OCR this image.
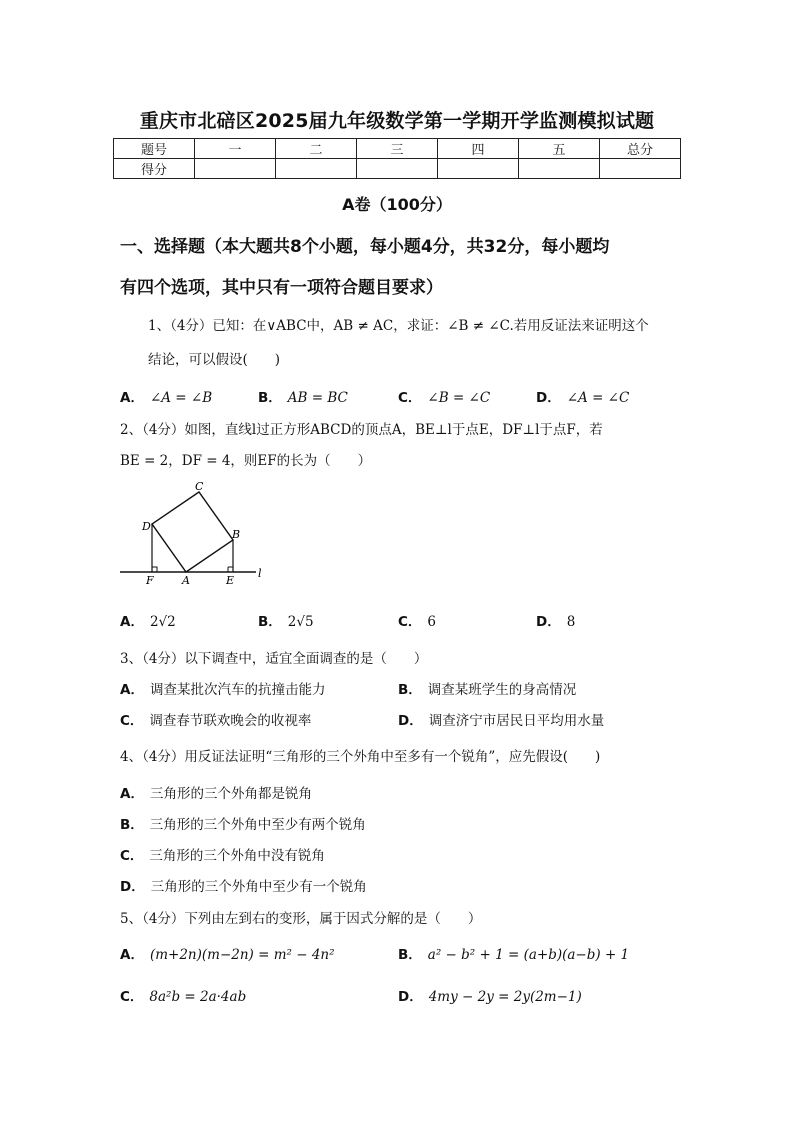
重庆市北碚区2025届九年级数学第一学期开学监测模拟试题
题号	一	二	三	四	五	总分
得分						
A卷（100分）
一、选择题（本大题共8个小题，每小题4分，共32分，每小题均
有四个选项，其中只有一项符合题目要求）
1、（4分）已知：在∨ABC中，AB ≠ AC，求证：∠B ≠ ∠C.若用反证法来证明这个
结论，可以假设(　　)
A． ∠A = ∠B	B． AB = BC	C． ∠B = ∠C	D． ∠A = ∠C
2、（4分）如图，直线l过正方形ABCD的顶点A，BE⊥l于点E，DF⊥l于点F，若
BE = 2，DF = 4，则EF的长为（　　）
C
D
B
F	A	E
l
A． 2√2	B． 2√5	C． 6	D． 8
3、（4分）以下调查中，适宜全面调查的是（　　）
A． 调查某批次汽车的抗撞击能力	B． 调查某班学生的身高情况
C． 调查春节联欢晚会的收视率	D． 调查济宁市居民日平均用水量
4、（4分）用反证法证明“三角形的三个外角中至多有一个锐角”，应先假设(　　)
A． 三角形的三个外角都是锐角
B． 三角形的三个外角中至少有两个锐角
C． 三角形的三个外角中没有锐角
D． 三角形的三个外角中至少有一个锐角
5、（4分）下列由左到右的变形，属于因式分解的是（　　）
A． (m+2n)(m−2n) = m² − 4n²	B． a² − b² + 1 = (a+b)(a−b) + 1
C． 8a²b = 2a·4ab	D． 4my − 2y = 2y(2m−1)
